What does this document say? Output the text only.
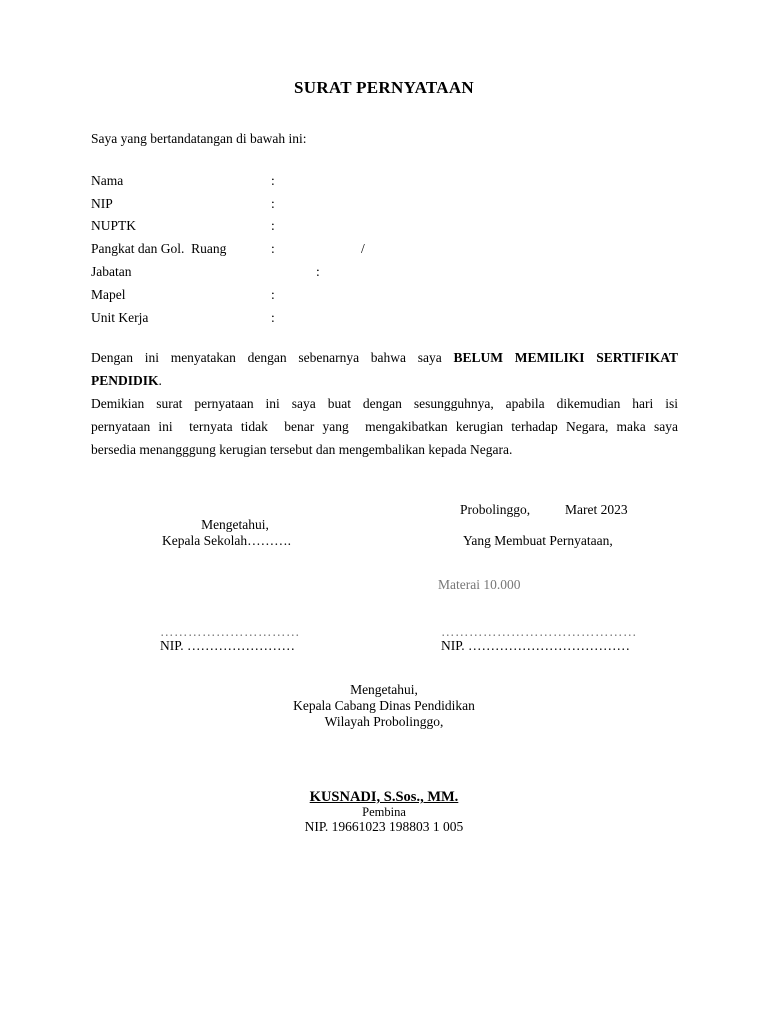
SURAT PERNYATAAN
Saya yang bertandatangan di bawah ini:
Nama	:
NIP	:
NUPTK	:
Pangkat dan Gol.  Ruang	:	/
Jabatan	:
Mapel	:
Unit Kerja	:
Dengan ini menyatakan dengan sebenarnya bahwa saya BELUM MEMILIKI SERTIFIKAT
PENDIDIK.
Demikian surat pernyataan ini saya buat dengan sesungguhnya, apabila dikemudian hari isi
pernyataan ini  ternyata tidak  benar yang  mengakibatkan kerugian terhadap Negara, maka saya
bersedia menangggung kerugian tersebut dan mengembalikan kepada Negara.
Probolinggo,	Maret 2023
Mengetahui,
Kepala Sekolah……….
…………………………
NIP. ……………………
Yang Membuat Pernyataan,
Materai 10.000
……………………………………
NIP. ………………………………
Mengetahui,
Kepala Cabang Dinas Pendidikan
Wilayah Probolinggo,
KUSNADI, S.Sos., MM.
Pembina
NIP. 19661023 198803 1 005
